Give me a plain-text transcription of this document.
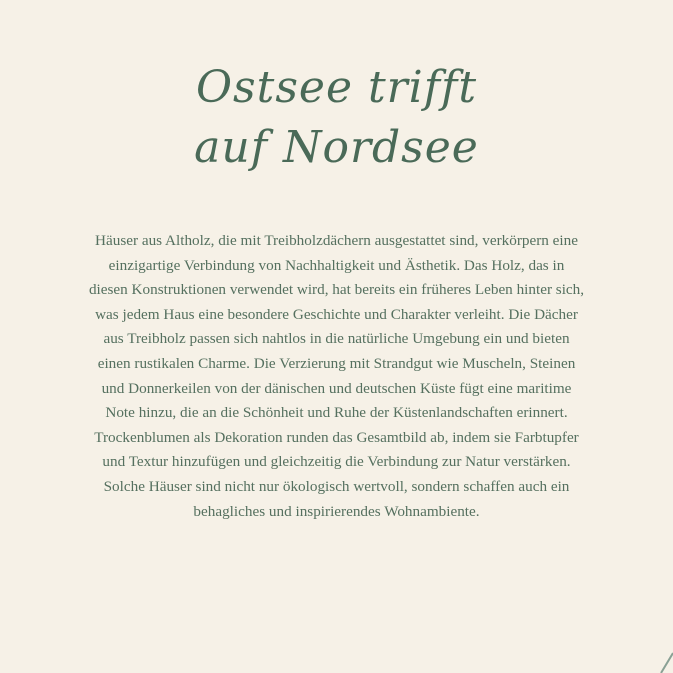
Ostsee trifft
auf Nordsee
Häuser aus Altholz, die mit Treibholzdächern ausgestattet sind, verkörpern eine einzigartige Verbindung von Nachhaltigkeit und Ästhetik. Das Holz, das in diesen Konstruktionen verwendet wird, hat bereits ein früheres Leben hinter sich, was jedem Haus eine besondere Geschichte und Charakter verleiht. Die Dächer aus Treibholz passen sich nahtlos in die natürliche Umgebung ein und bieten einen rustikalen Charme. Die Verzierung mit Strandgut wie Muscheln, Steinen und Donnerkeilen von der dänischen und deutschen Küste fügt eine maritime Note hinzu, die an die Schönheit und Ruhe der Küstenlandschaften erinnert. Trockenblumen als Dekoration runden das Gesamtbild ab, indem sie Farbtupfer und Textur hinzufügen und gleichzeitig die Verbindung zur Natur verstärken. Solche Häuser sind nicht nur ökologisch wertvoll, sondern schaffen auch ein behagliches und inspirierendes Wohnambiente.
